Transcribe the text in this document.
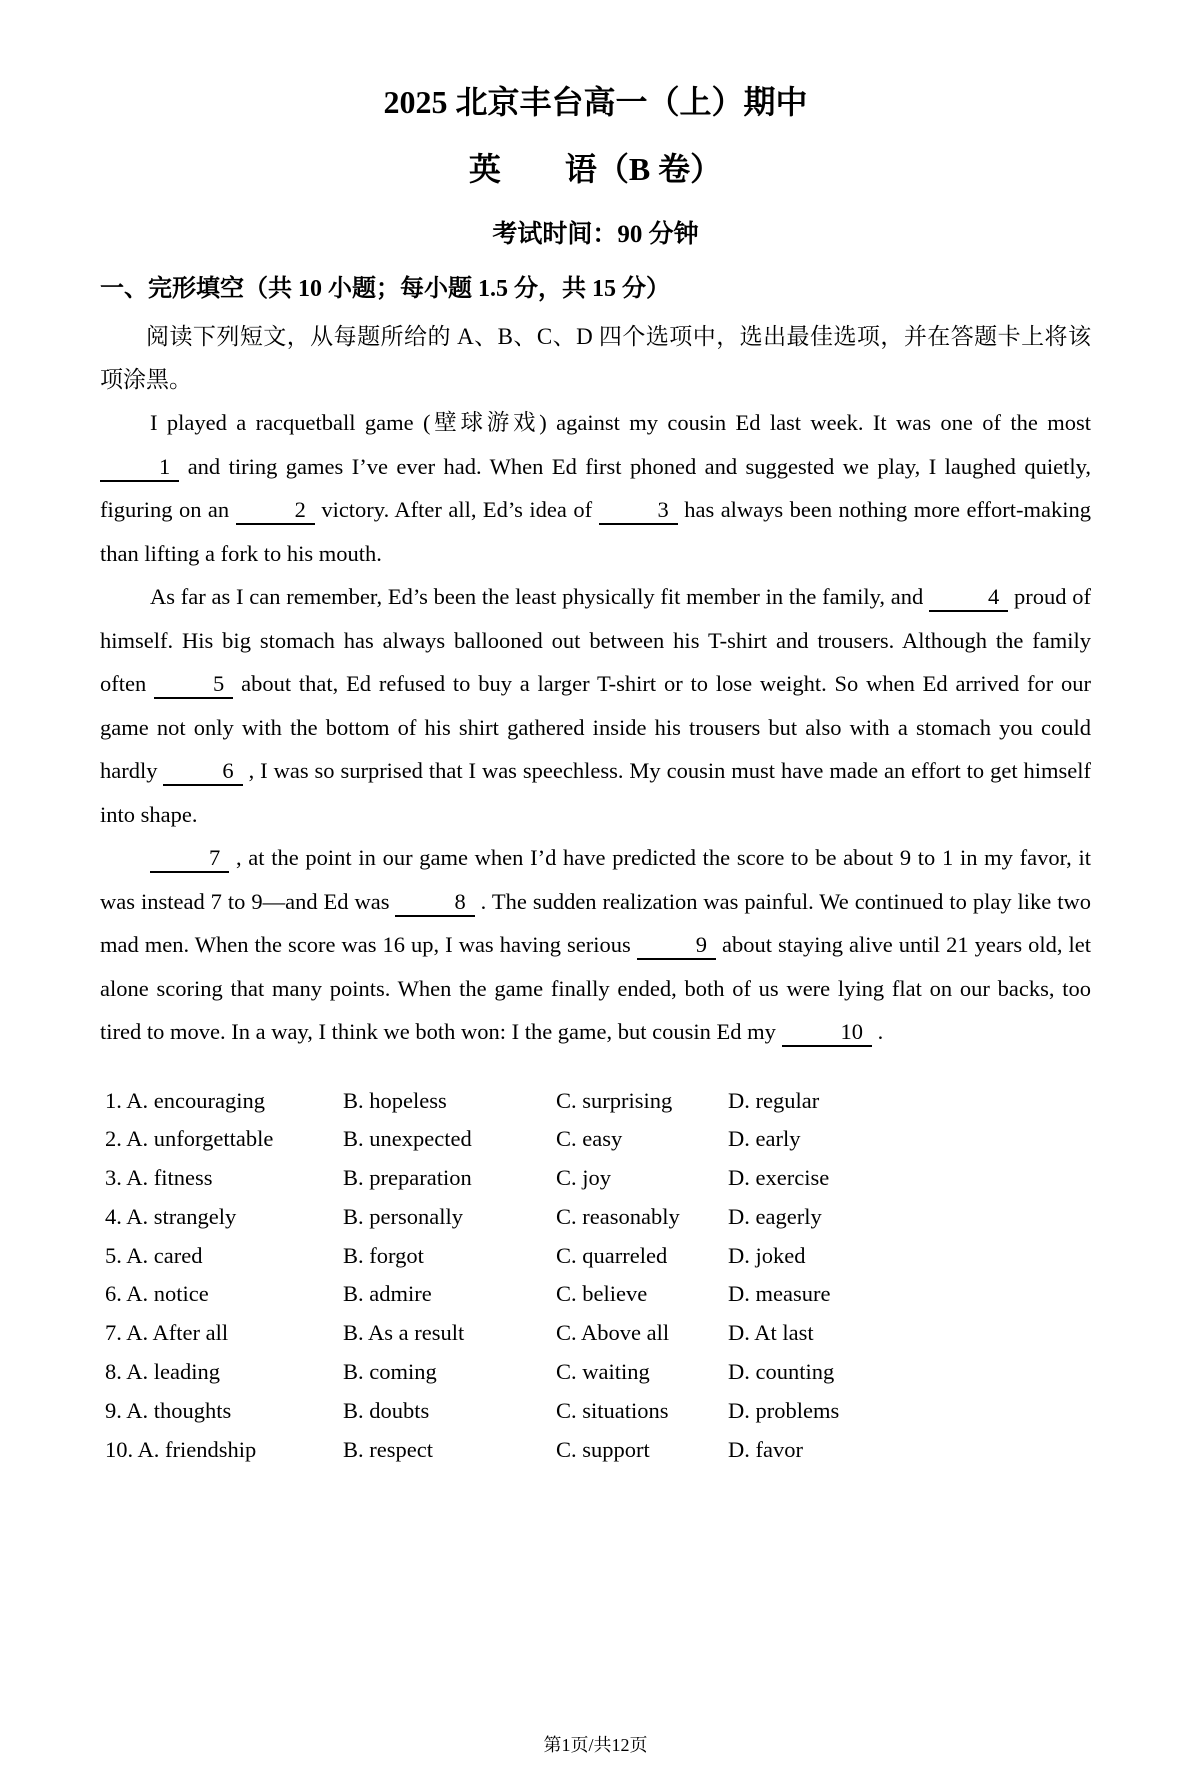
2025 北京丰台高一（上）期中
英　　语（B 卷）
考试时间：90 分钟
一、完形填空（共 10 小题；每小题 1.5 分，共 15 分）

阅读下列短文，从每题所给的 A、B、C、D 四个选项中，选出最佳选项，并在答题卡上将该项涂黑。

I played a racquetball game (壁球游戏) against my cousin Ed last week. It was one of the most 1 and tiring games I’ve ever had. When Ed first phoned and suggested we play, I laughed quietly, figuring on an	2 victory. After all, Ed’s idea of	3 has always been nothing more effort-making than lifting a fork to his mouth.

As far as I can remember, Ed’s been the least physically fit member in the family, and	4 proud of himself. His big stomach has always ballooned out between his T-shirt and trousers. Although the family often	5 about that, Ed refused to buy a larger T-shirt or to lose weight. So when Ed arrived for our game not only with the bottom of his shirt gathered inside his trousers but also with a stomach you could hardly	6 , I was so surprised that I was speechless. My cousin must have made an effort to get himself into shape.

7 , at the point in our game when I’d have predicted the score to be about 9 to 1 in my favor, it was instead 7 to 9—and Ed was	8 . The sudden realization was painful. We continued to play like two mad men. When the score was 16 up, I was having serious	9 about staying alive until 21 years old, let alone scoring that many points. When the game finally ended, both of us were lying flat on our backs, too tired to move. In a way, I think we both won: I the game, but cousin Ed my	10 .

1. A. encouraging	B. hopeless	C. surprising	D. regular
2. A. unforgettable	B. unexpected	C. easy	D. early
3. A. fitness	B. preparation	C. joy	D. exercise
4. A. strangely	B. personally	C. reasonably	D. eagerly
5. A. cared	B. forgot	C. quarreled	D. joked
6. A. notice	B. admire	C. believe	D. measure
7. A. After all	B. As a result	C. Above all	D. At last
8. A. leading	B. coming	C. waiting	D. counting
9. A. thoughts	B. doubts	C. situations	D. problems
10. A. friendship	B. respect	C. support	D. favor
第1页/共12页
